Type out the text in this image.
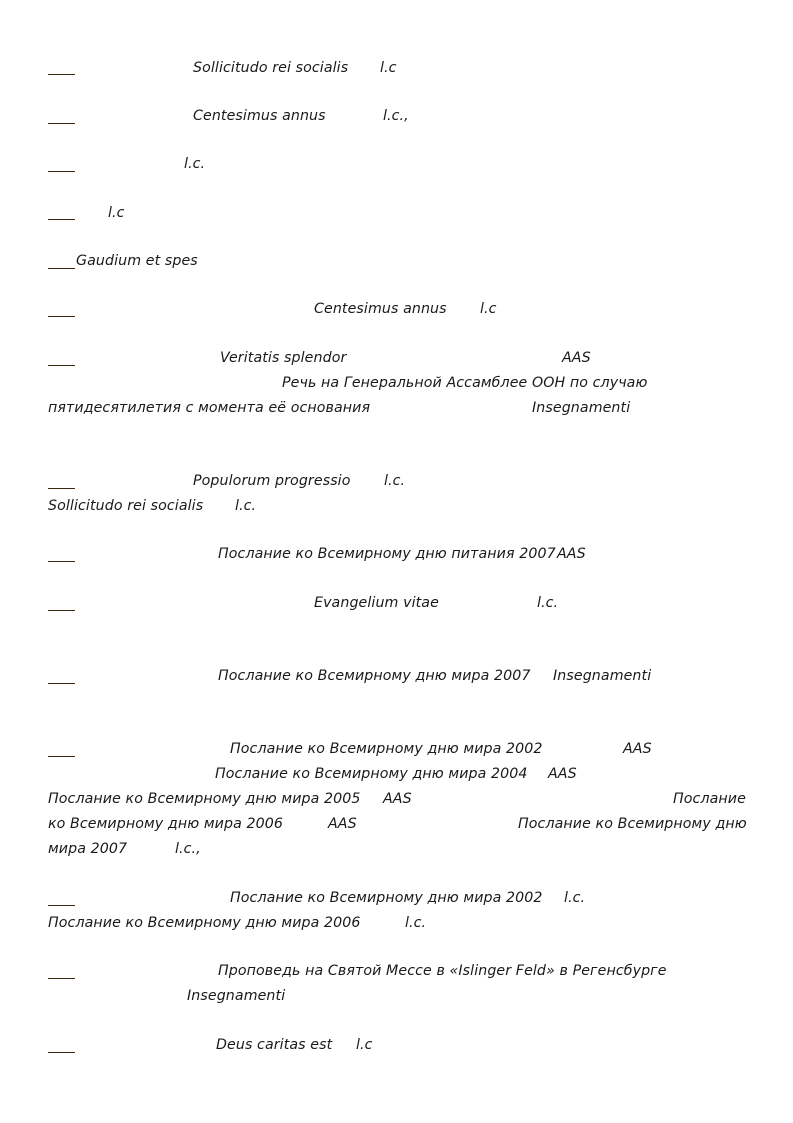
Sollicitudo rei socialis l.c
Centesimus annus	l.c.,
l.c.
l.c
Gaudium et spes
Centesimus annus l.c
Veritatis splendor	AAS
Речь на Генеральной Ассамблее ООН по случаю
пятидесятилетия с момента её основания	Insegnamenti
Populorum progressio l.c.
Sollicitudo rei socialis l.c.
Послание ко Всемирному дню питания 2007 AAS
Evangelium vitae	l.c.
Послание ко Всемирному дню мира 2007 Insegnamenti
Послание ко Всемирному дню мира 2002	AAS
Послание ко Всемирному дню мира 2004 AAS
Послание ко Всемирному дню мира 2005 AAS	Послание
ко Всемирному дню мира 2006	AAS	Послание ко Всемирному дню
мира 2007	l.c.,
Послание ко Всемирному дню мира 2002 l.c.
Послание ко Всемирному дню мира 2006	l.c.
Проповедь на Святой Мессе в «Islinger Feld» в Регенсбурге
Insegnamenti
Deus caritas est l.c
